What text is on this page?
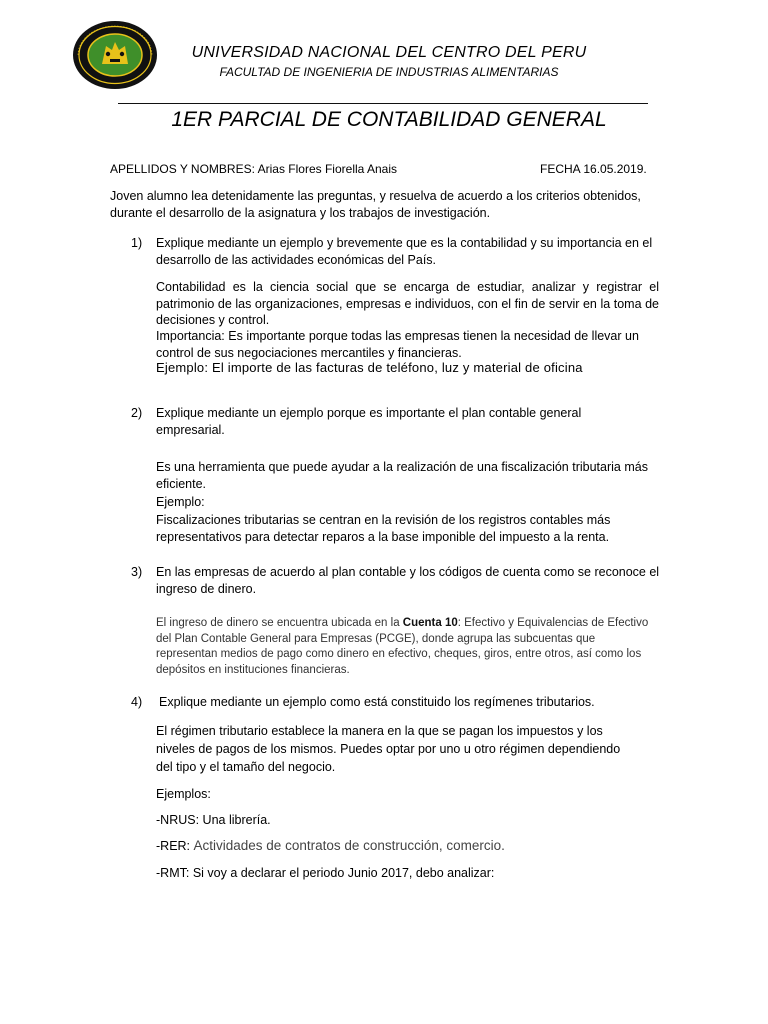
UNIVERSIDAD NACIONAL DEL CENTRO DEL PERU
FACULTAD DE INGENIERIA DE INDUSTRIAS ALIMENTARIAS
1ER PARCIAL DE CONTABILIDAD GENERAL
APELLIDOS Y NOMBRES: Arias Flores Fiorella Anais	FECHA 16.05.2019.
Joven alumno lea detenidamente las preguntas, y resuelva de acuerdo a los criterios obtenidos, durante el desarrollo de la asignatura y los trabajos de investigación.
1) Explique mediante un ejemplo y brevemente que es la contabilidad y su importancia en el desarrollo de las actividades económicas del País.
Contabilidad es la ciencia social que se encarga de estudiar, analizar y registrar el patrimonio de las organizaciones, empresas e individuos, con el fin de servir en la toma de decisiones y control.
Importancia: Es importante porque todas las empresas tienen la necesidad de llevar un control de sus negociaciones mercantiles y financieras.
Ejemplo: El importe de las facturas de teléfono, luz y material de oficina
2) Explique mediante un ejemplo porque es importante el plan contable general empresarial.
Es una herramienta que puede ayudar a la realización de una fiscalización tributaria más eficiente.
Ejemplo:
Fiscalizaciones tributarias se centran en la revisión de los registros contables más representativos para detectar reparos a la base imponible del impuesto a la renta.
3) En las empresas de acuerdo al plan contable y los códigos de cuenta como se reconoce el ingreso de dinero.
El ingreso de dinero se encuentra ubicada en la Cuenta 10: Efectivo y Equivalencias de Efectivo del Plan Contable General para Empresas (PCGE), donde agrupa las subcuentas que representan medios de pago como dinero en efectivo, cheques, giros, entre otros, así como los depósitos en instituciones financieras.
4) Explique mediante un ejemplo como está constituido los regímenes tributarios.
El régimen tributario establece la manera en la que se pagan los impuestos y los niveles de pagos de los mismos. Puedes optar por uno u otro régimen dependiendo del tipo y el tamaño del negocio.
Ejemplos:
-NRUS: Una librería.
-RER: Actividades de contratos de construcción, comercio.
-RMT: Si voy a declarar el periodo Junio 2017, debo analizar:
